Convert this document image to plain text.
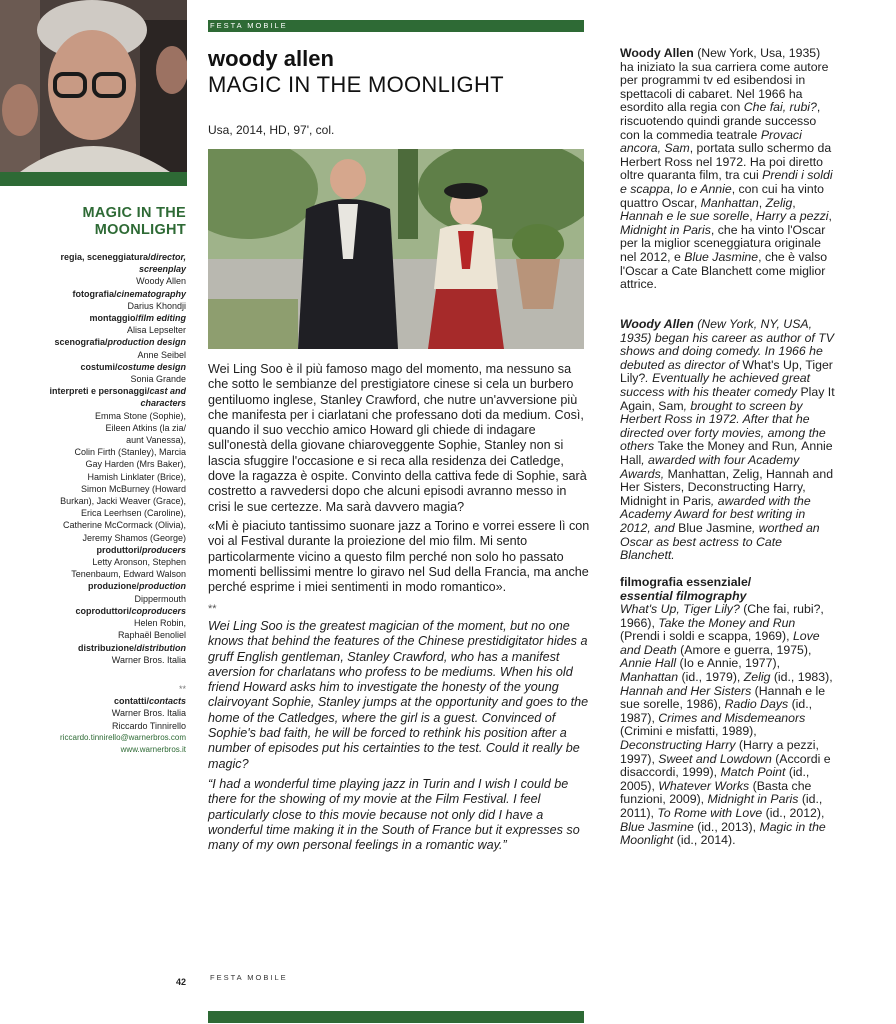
FESTA MOBILE
woody allen
MAGIC IN THE MOONLIGHT
Usa, 2014, HD, 97', col.
MAGIC IN THE
MOONLIGHT
regia, sceneggiatura/director, screenplay
Woody Allen
fotografia/cinematography
Darius Khondji
montaggio/film editing
Alisa Lepselter
scenografia/production design
Anne Seibel
costumi/costume design
Sonia Grande
interpreti e personaggi/cast and characters
Emma Stone (Sophie),
Eileen Atkins (la zia/
aunt Vanessa),
Colin Firth (Stanley), Marcia
Gay Harden (Mrs Baker),
Hamish Linklater (Brice),
Simon McBurney (Howard
Burkan), Jacki Weaver (Grace),
Erica Leerhsen (Caroline),
Catherine McCormack (Olivia),
Jeremy Shamos (George)
produttori/producers
Letty Aronson, Stephen
Tenenbaum, Edward Walson
produzione/production
Dippermouth
coproduttori/coproducers
Helen Robin,
Raphaël Benoliel
distribuzione/distribution
Warner Bros. Italia
**
contatti/contacts
Warner Bros. Italia
Riccardo Tinnirello
riccardo.tinnirello@warnerbros.com
www.warnerbros.it
Wei Ling Soo è il più famoso mago del momento, ma nessuno sa che sotto le sembianze del prestigiatore cinese si cela un burbero gentiluomo inglese, Stanley Crawford, che nutre un'avversione più che manifesta per i ciarlatani che professano doti da medium. Così, quando il suo vecchio amico Howard gli chiede di indagare sull'onestà della giovane chiaroveggente Sophie, Stanley non si lascia sfuggire l'occasione e si reca alla residenza dei Catledge, dove la ragazza è ospite. Convinto della cattiva fede di Sophie, sarà costretto a ravvedersi dopo che alcuni episodi avranno messo in crisi le sue certezze. Ma sarà davvero magia?
«Mi è piaciuto tantissimo suonare jazz a Torino e vorrei essere lì con voi al Festival durante la proiezione del mio film. Mi sento particolarmente vicino a questo film perché non solo ho passato momenti bellissimi mentre lo giravo nel Sud della Francia, ma anche perché esprime i miei sentimenti in modo romantico».
**
Wei Ling Soo is the greatest magician of the moment, but no one knows that behind the features of the Chinese prestidigitator hides a gruff English gentleman, Stanley Crawford, who has a manifest aversion for charlatans who profess to be mediums. When his old friend Howard asks him to investigate the honesty of the young clairvoyant Sophie, Stanley jumps at the opportunity and goes to the home of the Catledges, where the girl is a guest. Convinced of Sophie's bad faith, he will be forced to rethink his position after a number of episodes put his certainties to the test. Could it really be magic?
“I had a wonderful time playing jazz in Turin and I wish I could be there for the showing of my movie at the Film Festival. I feel particularly close to this movie because not only did I have a wonderful time making it in the South of France but it expresses so many of my own personal feelings in a romantic way.”
Woody Allen (New York, Usa, 1935) ha iniziato la sua carriera come autore per programmi tv ed esibendosi in spettacoli di cabaret. Nel 1966 ha esordito alla regia con Che fai, rubi?, riscuotendo quindi grande successo con la commedia teatrale Provaci ancora, Sam, portata sullo schermo da Herbert Ross nel 1972. Ha poi diretto oltre quaranta film, tra cui Prendi i soldi e scappa, Io e Annie, con cui ha vinto quattro Oscar, Manhattan, Zelig, Hannah e le sue sorelle, Harry a pezzi, Midnight in Paris, che ha vinto l'Oscar per la miglior sceneggiatura originale nel 2012, e Blue Jasmine, che è valso l'Oscar a Cate Blanchett come miglior attrice.
Woody Allen (New York, NY, USA, 1935) began his career as author of TV shows and doing comedy. In 1966 he debuted as director of What's Up, Tiger Lily?. Eventually he achieved great success with his theater comedy Play It Again, Sam, brought to screen by Herbert Ross in 1972. After that he directed over forty movies, among the others Take the Money and Run, Annie Hall, awarded with four Academy Awards, Manhattan, Zelig, Hannah and Her Sisters, Deconstructing Harry, Midnight in Paris, awarded with the Academy Award for best writing in 2012, and Blue Jasmine, worthed an Oscar as best actress to Cate Blanchett.
filmografia essenziale/
essential filmography
What's Up, Tiger Lily? (Che fai, rubi?, 1966), Take the Money and Run (Prendi i soldi e scappa, 1969), Love and Death (Amore e guerra, 1975), Annie Hall (Io e Annie, 1977), Manhattan (id., 1979), Zelig (id., 1983), Hannah and Her Sisters (Hannah e le sue sorelle, 1986), Radio Days (id., 1987), Crimes and Misdemeanors (Crimini e misfatti, 1989), Deconstructing Harry (Harry a pezzi, 1997), Sweet and Lowdown (Accordi e disaccordi, 1999), Match Point (id., 2005), Whatever Works (Basta che funzioni, 2009), Midnight in Paris (id., 2011), To Rome with Love (id., 2012), Blue Jasmine (id., 2013), Magic in the Moonlight (id., 2014).
42	FESTA MOBILE
